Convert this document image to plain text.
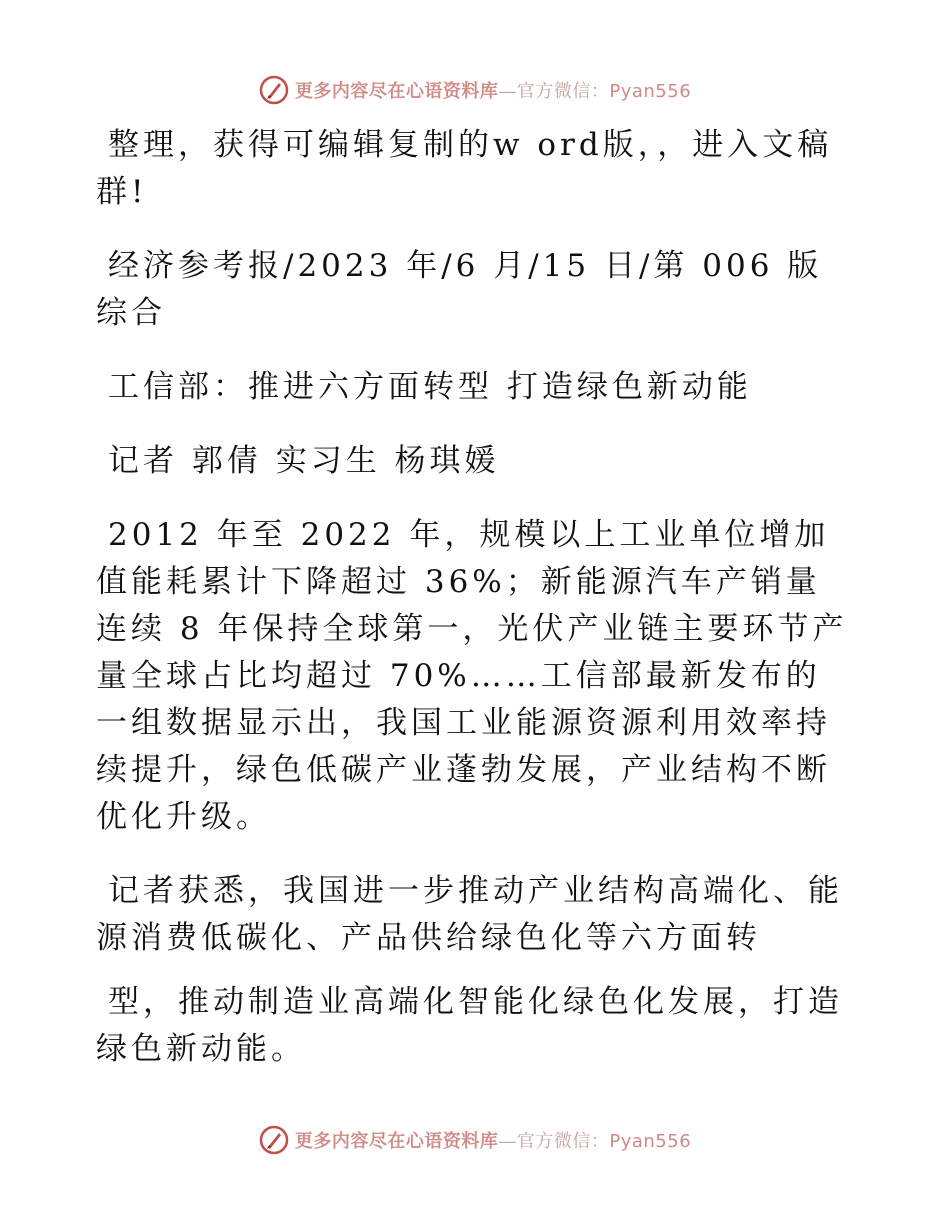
更多内容尽在心语资料库—官方微信：Pyan556

整理，获得可编辑复制的w ord版，，进入文稿群!

经济参考报/2023 年/6 月/15 日/第 006 版综合

工信部：推进六方面转型 打造绿色新动能

记者 郭倩 实习生 杨琪媛

2012 年至 2022 年，规模以上工业单位增加值能耗累计下降超过 36%；新能源汽车产销量连续 8 年保持全球第一，光伏产业链主要环节产量全球占比均超过 70%……工信部最新发布的一组数据显示出，我国工业能源资源利用效率持续提升，绿色低碳产业蓬勃发展，产业结构不断优化升级。

记者获悉，我国进一步推动产业结构高端化、能源消费低碳化、产品供给绿色化等六方面转

型，推动制造业高端化智能化绿色化发展，打造绿色新动能。

更多内容尽在心语资料库—官方微信：Pyan556
